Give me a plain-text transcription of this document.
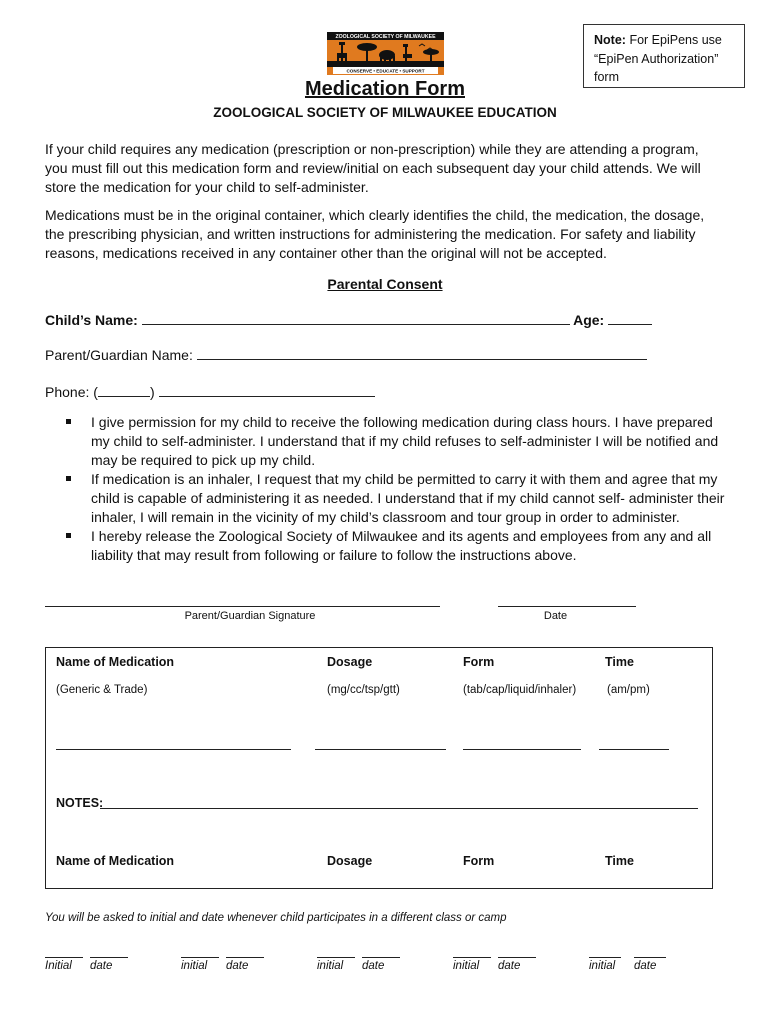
Note: For EpiPens use
“EpiPen Authorization”
form
ZOOLOGICAL SOCIETY OF MILWAUKEE
CONSERVE • EDUCATE • SUPPORT
Medication Form
ZOOLOGICAL SOCIETY OF MILWAUKEE EDUCATION
If your child requires any medication (prescription or non-prescription) while they are attending a program, you must fill out this medication form and review/initial on each subsequent day your child attends. We will store the medication for your child to self-administer.
Medications must be in the original container, which clearly identifies the child, the medication, the dosage, the prescribing physician, and written instructions for administering the medication. For safety and liability reasons, medications received in any container other than the original will not be accepted.
Parental Consent
Child’s Name:	Age:
Parent/Guardian Name:
Phone: (	)
I give permission for my child to receive the following medication during class hours. I have prepared my child to self-administer. I understand that if my child refuses to self-administer I will be notified and may be required to pick up my child.
If medication is an inhaler, I request that my child be permitted to carry it with them and agree that my child is capable of administering it as needed. I understand that if my child cannot self- administer their inhaler, I will remain in the vicinity of my child’s classroom and tour group in order to administer.
I hereby release the Zoological Society of Milwaukee and its agents and employees from any and all liability that may result from following or failure to follow the instructions above.
Parent/Guardian Signature	Date
Name of Medication	Dosage	Form	Time
(Generic & Trade)	(mg/cc/tsp/gtt)	(tab/cap/liquid/inhaler)	(am/pm)
NOTES:
Name of Medication	Dosage	Form	Time
You will be asked to initial and date whenever child participates in a different class or camp
Initial date	initial date	initial date	initial date	initial date
